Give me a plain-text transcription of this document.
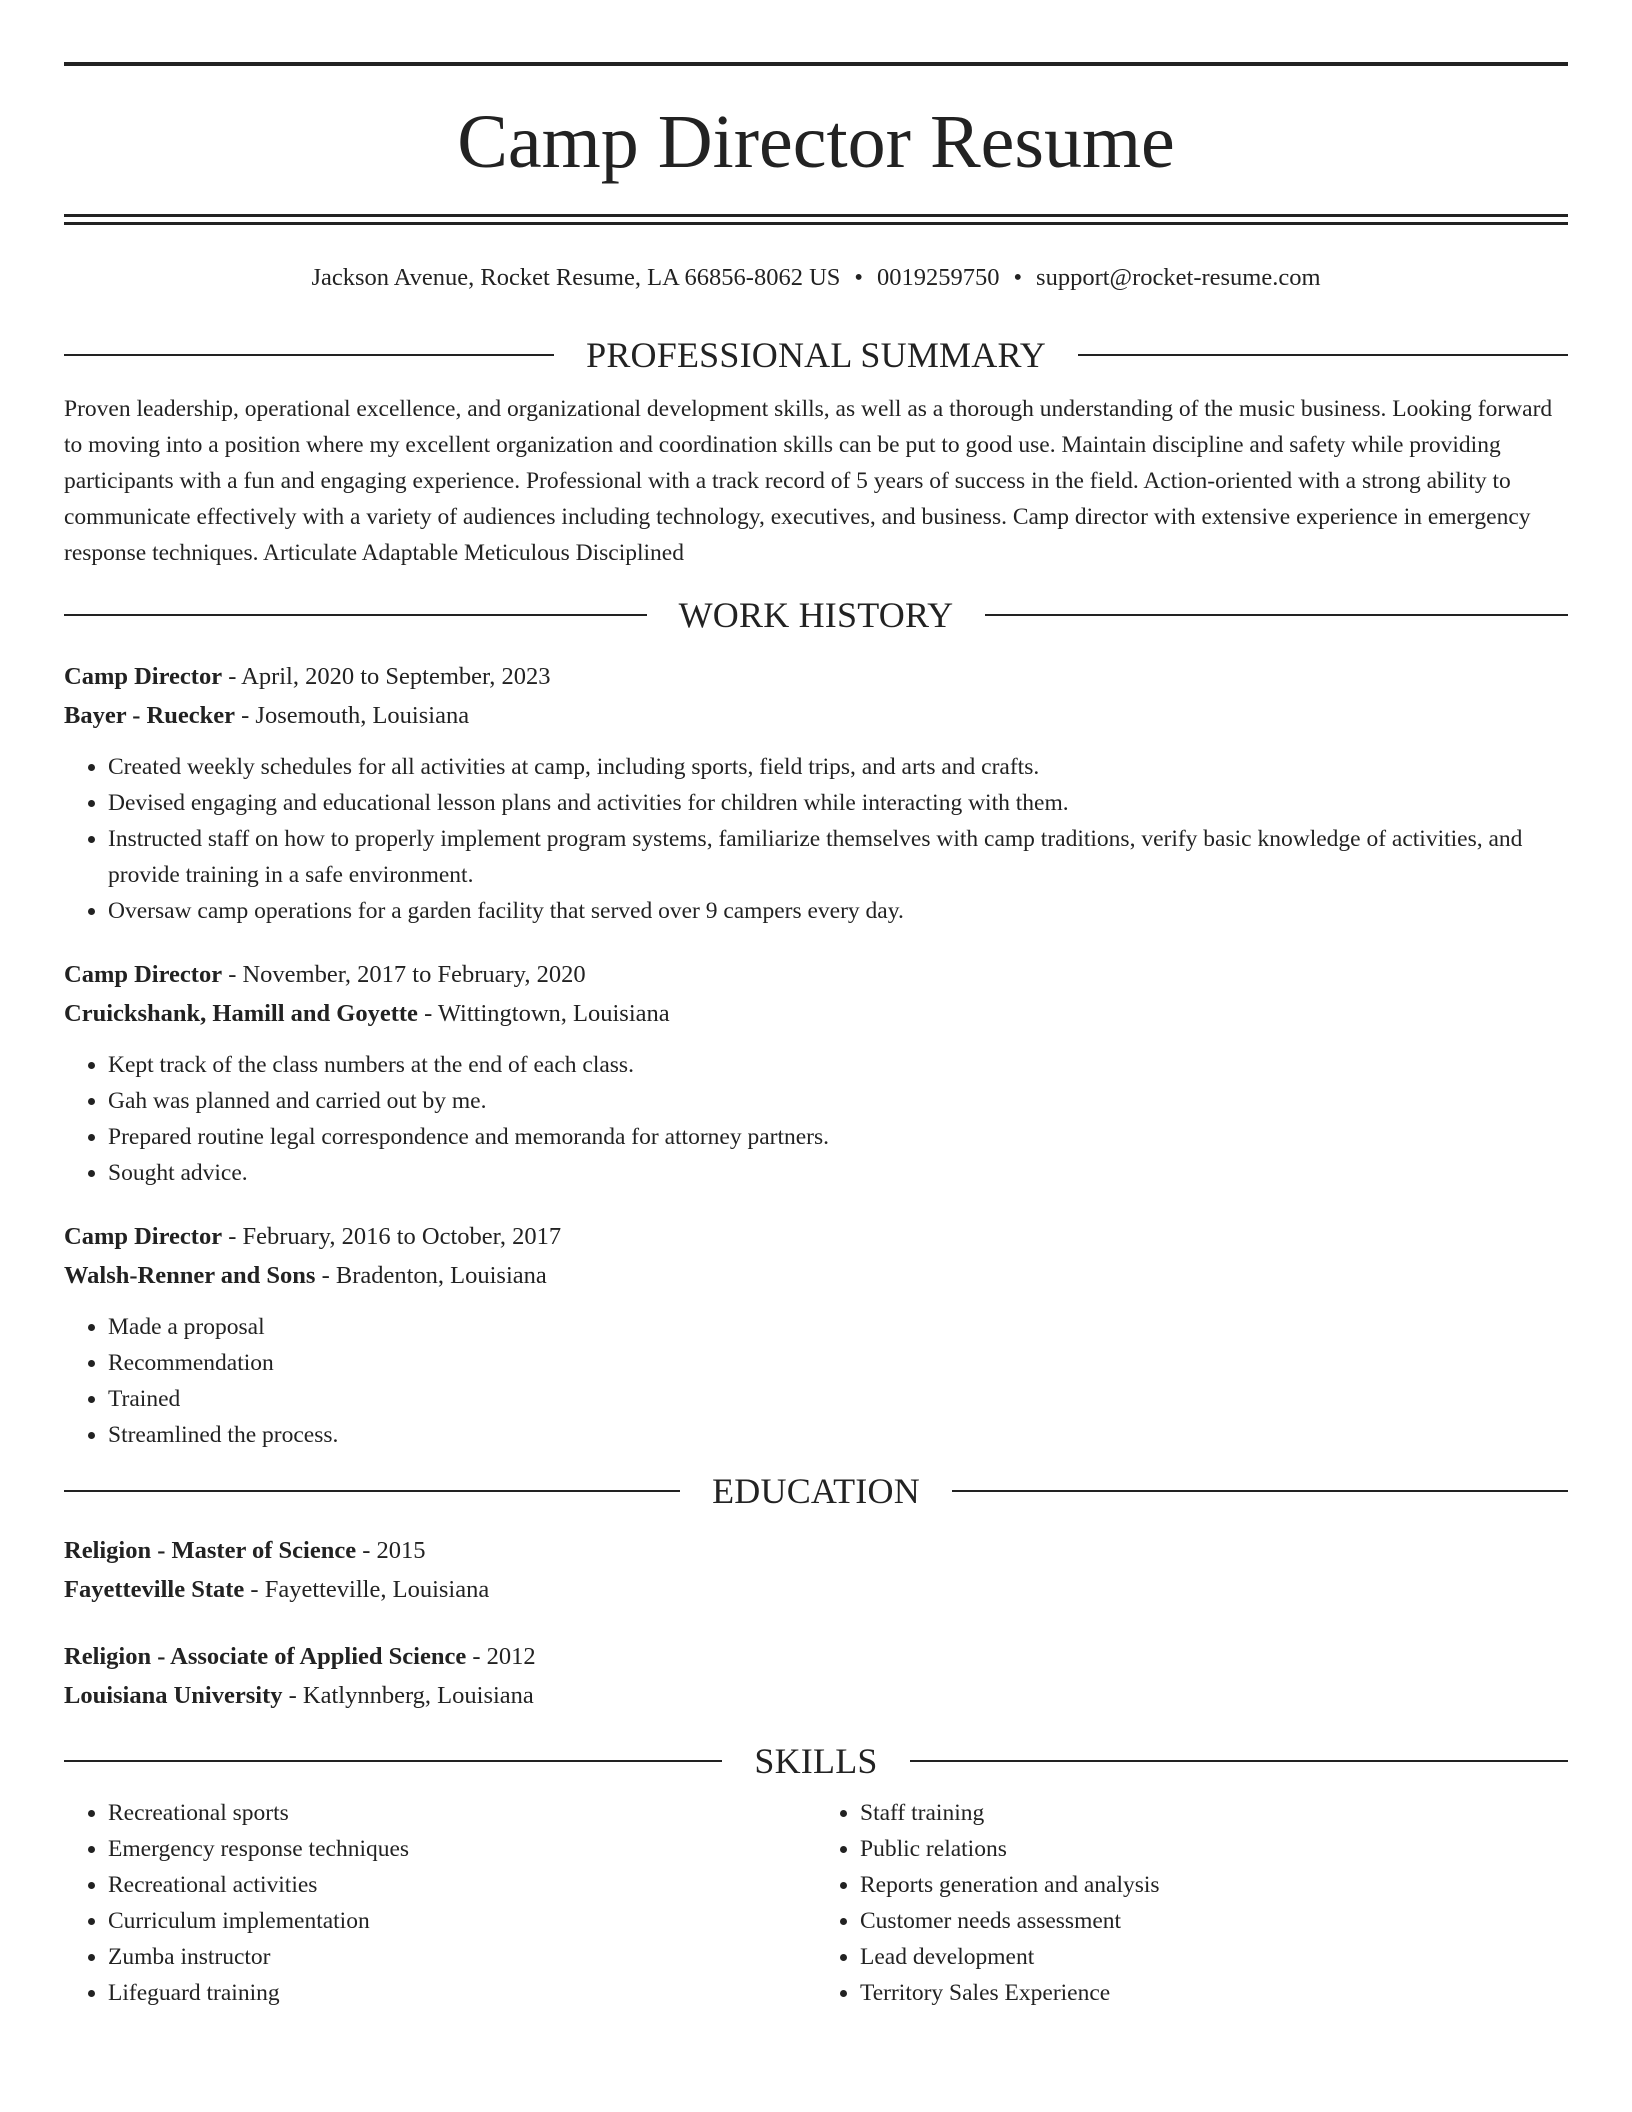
Camp Director Resume
Jackson Avenue, Rocket Resume, LA 66856-8062 US • 0019259750 • support@rocket-resume.com
PROFESSIONAL SUMMARY

Proven leadership, operational excellence, and organizational development skills, as well as a thorough understanding of the music business. Looking forward to moving into a position where my excellent organization and coordination skills can be put to good use. Maintain discipline and safety while providing participants with a fun and engaging experience. Professional with a track record of 5 years of success in the field. Action-oriented with a strong ability to communicate effectively with a variety of audiences including technology, executives, and business. Camp director with extensive experience in emergency response techniques. Articulate Adaptable Meticulous Disciplined

WORK HISTORY
Camp Director - April, 2020 to September, 2023
Bayer - Ruecker - Josemouth, Louisiana
• Created weekly schedules for all activities at camp, including sports, field trips, and arts and crafts.
• Devised engaging and educational lesson plans and activities for children while interacting with them.
• Instructed staff on how to properly implement program systems, familiarize themselves with camp traditions, verify basic knowledge of activities, and provide training in a safe environment.
• Oversaw camp operations for a garden facility that served over 9 campers every day.
Camp Director - November, 2017 to February, 2020
Cruickshank, Hamill and Goyette - Wittingtown, Louisiana
• Kept track of the class numbers at the end of each class.
• Gah was planned and carried out by me.
• Prepared routine legal correspondence and memoranda for attorney partners.
• Sought advice.
Camp Director - February, 2016 to October, 2017
Walsh-Renner and Sons - Bradenton, Louisiana
• Made a proposal
• Recommendation
• Trained
• Streamlined the process.
EDUCATION
Religion - Master of Science - 2015
Fayetteville State - Fayetteville, Louisiana
Religion - Associate of Applied Science - 2012
Louisiana University - Katlynnberg, Louisiana
SKILLS
• Recreational sports
• Emergency response techniques
• Recreational activities
• Curriculum implementation
• Zumba instructor
• Lifeguard training
• Staff training
• Public relations
• Reports generation and analysis
• Customer needs assessment
• Lead development
• Territory Sales Experience
